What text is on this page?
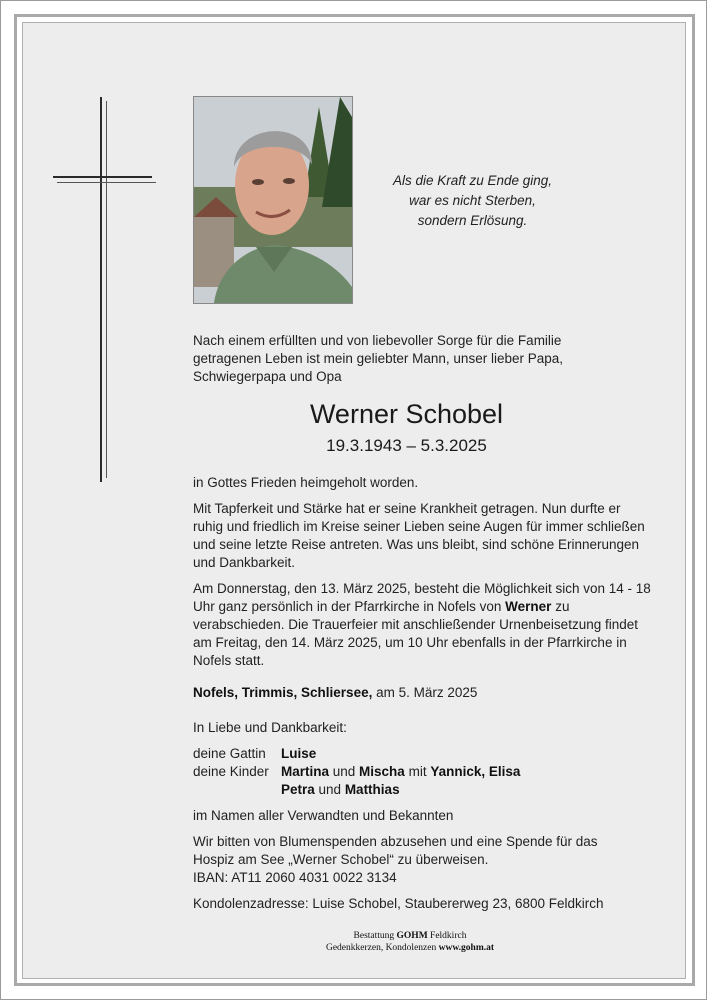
Als die Kraft zu Ende ging,
war es nicht Sterben,
sondern Erlösung.
Nach einem erfüllten und von liebevoller Sorge für die Familie getragenen Leben ist mein geliebter Mann, unser lieber Papa, Schwiegerpapa und Opa
Werner Schobel
19.3.1943 – 5.3.2025
in Gottes Frieden heimgeholt worden.
Mit Tapferkeit und Stärke hat er seine Krankheit getragen. Nun durfte er ruhig und friedlich im Kreise seiner Lieben seine Augen für immer schließen und seine letzte Reise antreten. Was uns bleibt, sind schöne Erinnerungen und Dankbarkeit.
Am Donnerstag, den 13. März 2025, besteht die Möglichkeit sich von 14 - 18 Uhr ganz persönlich in der Pfarrkirche in Nofels von Werner zu verabschieden. Die Trauerfeier mit anschließender Urnenbeisetzung findet am Freitag, den 14. März 2025, um 10 Uhr ebenfalls in der Pfarrkirche in Nofels statt.
Nofels, Trimmis, Schliersee, am 5. März 2025
In Liebe und Dankbarkeit:
deine Gattin Luise
deine Kinder Martina und Mischa mit Yannick, Elisa
Petra und Matthias
im Namen aller Verwandten und Bekannten
Wir bitten von Blumenspenden abzusehen und eine Spende für das
Hospiz am See „Werner Schobel“ zu überweisen.
IBAN: AT11 2060 4031 0022 3134
Kondolenzadresse: Luise Schobel, Staubererweg 23, 6800 Feldkirch
Bestattung GOHM Feldkirch
Gedenkkerzen, Kondolenzen www.gohm.at
